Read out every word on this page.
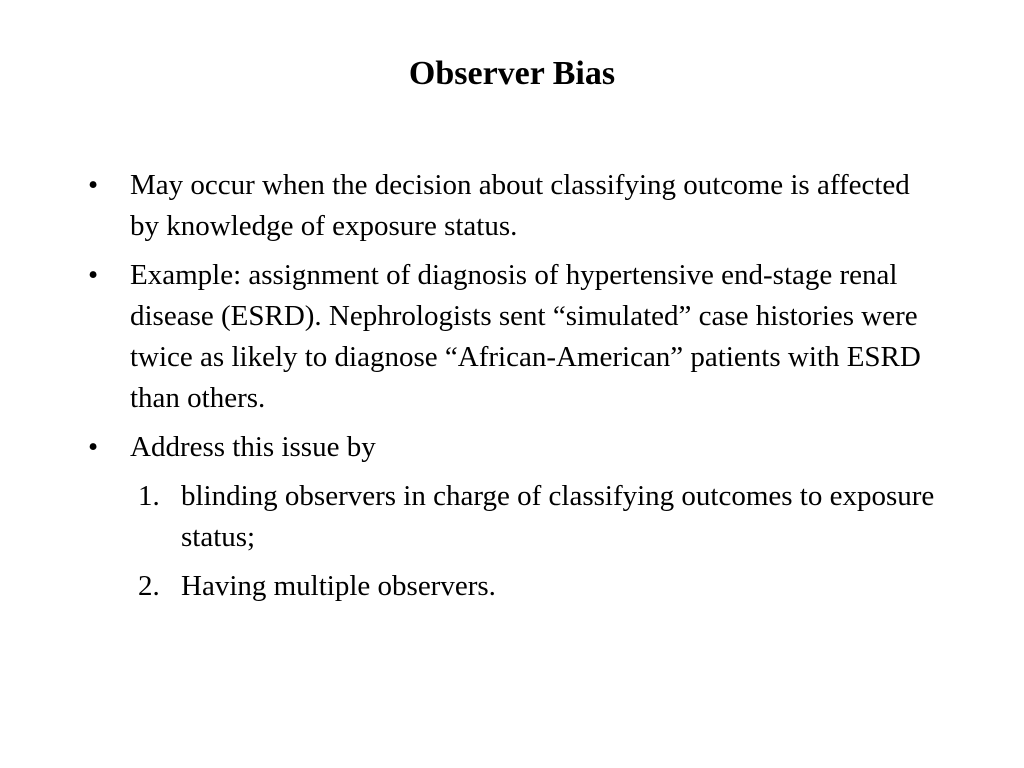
Observer Bias
• May occur when the decision about classifying outcome is affected by knowledge of exposure status.
• Example: assignment of diagnosis of hypertensive end-stage renal disease (ESRD). Nephrologists sent “simulated” case histories were twice as likely to diagnose “African-American” patients with ESRD than others.
• Address this issue by
1. blinding observers in charge of classifying outcomes to exposure status;
2. Having multiple observers.
